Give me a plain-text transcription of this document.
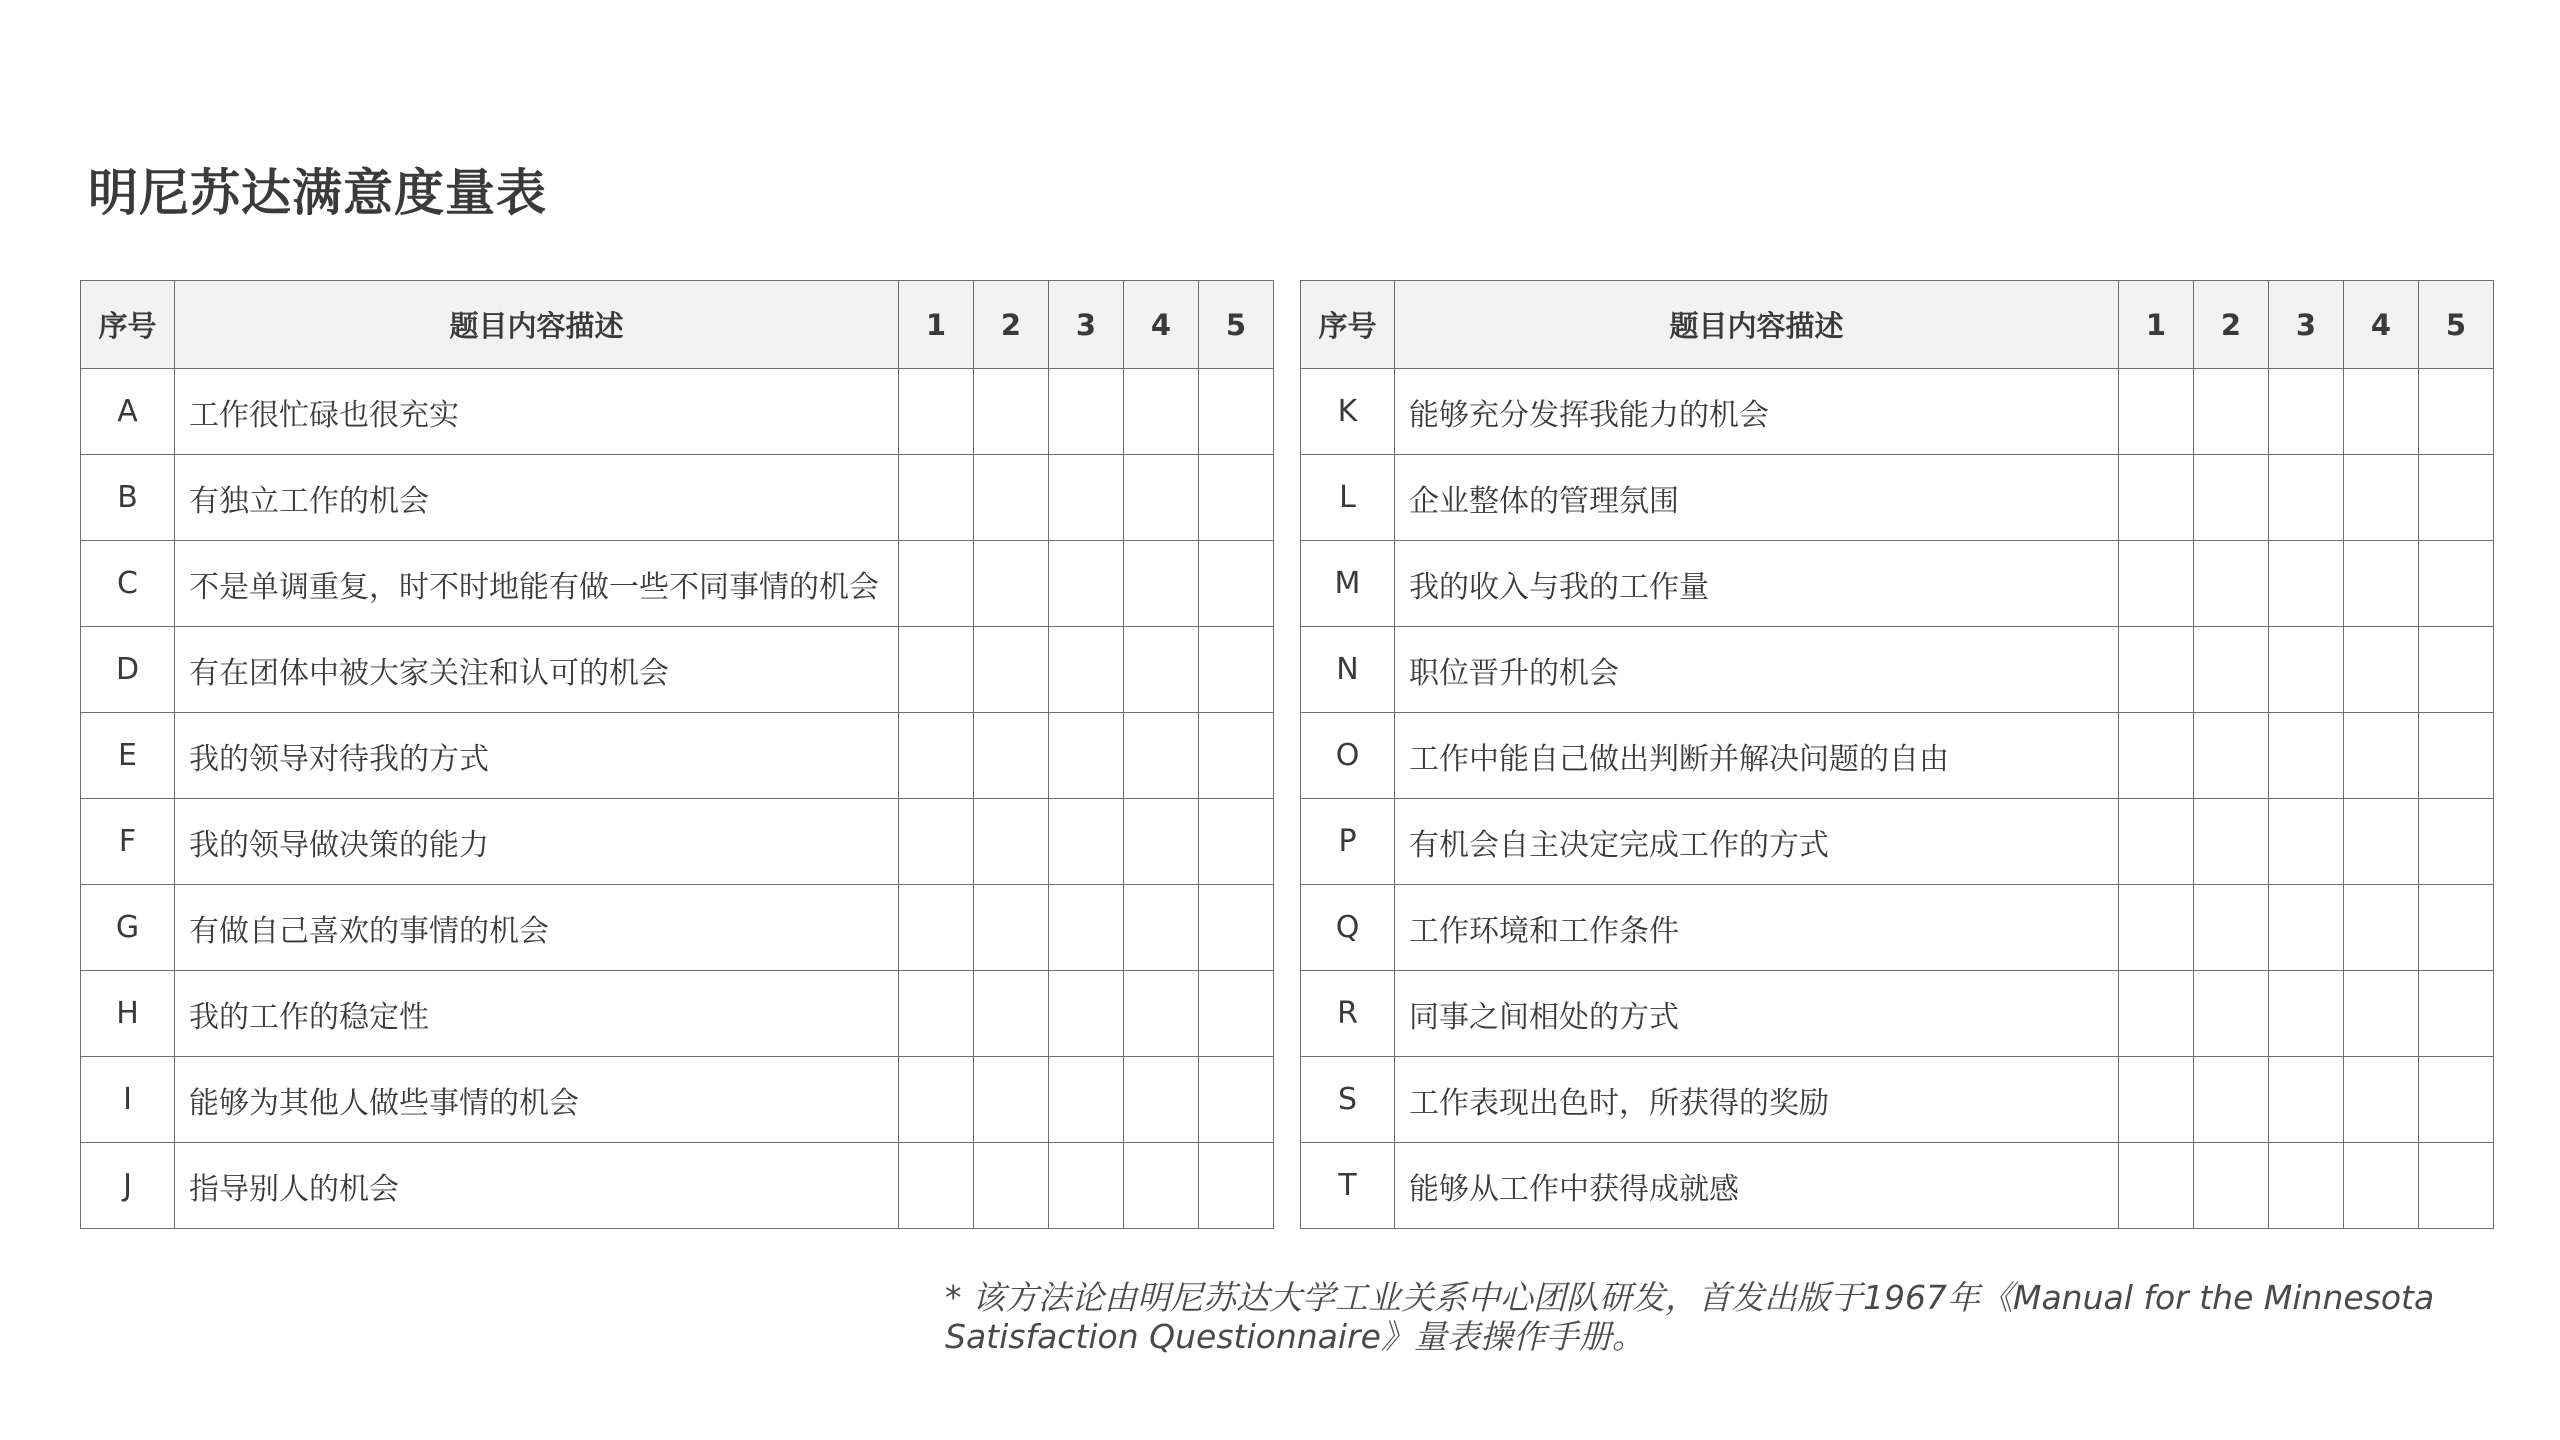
明尼苏达满意度量表
序号	题目内容描述	1	2	3	4	5
A	工作很忙碌也很充实					
B	有独立工作的机会					
C	不是单调重复，时不时地能有做一些不同事情的机会					
D	有在团体中被大家关注和认可的机会					
E	我的领导对待我的方式					
F	我的领导做决策的能力					
G	有做自己喜欢的事情的机会					
H	我的工作的稳定性					
I	能够为其他人做些事情的机会					
J	指导别人的机会					
序号	题目内容描述	1	2	3	4	5
K	能够充分发挥我能力的机会					
L	企业整体的管理氛围					
M	我的收入与我的工作量					
N	职位晋升的机会					
O	工作中能自己做出判断并解决问题的自由					
P	有机会自主决定完成工作的方式					
Q	工作环境和工作条件					
R	同事之间相处的方式					
S	工作表现出色时，所获得的奖励					
T	能够从工作中获得成就感					
* 该方法论由明尼苏达大学工业关系中心团队研发，首发出版于1967年《Manual for the Minnesota
Satisfaction Questionnaire》量表操作手册。
